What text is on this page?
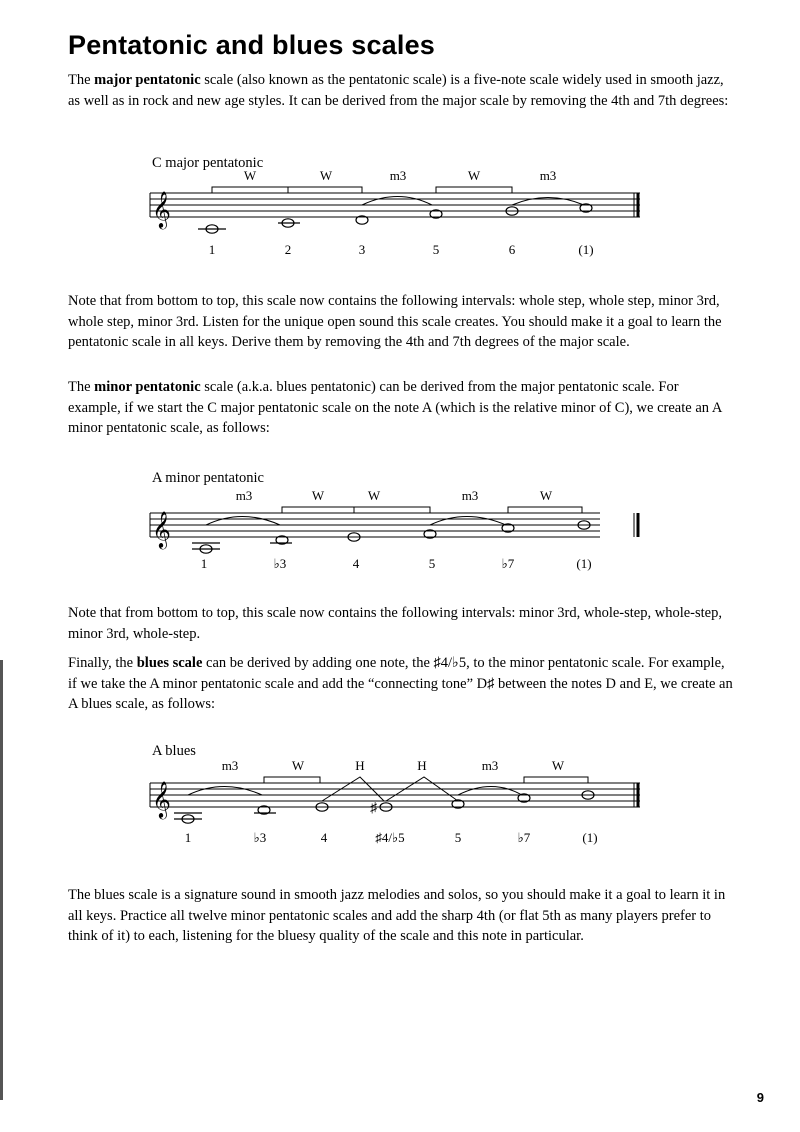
Pentatonic and blues scales

The major pentatonic scale (also known as the pentatonic scale) is a five-note scale widely used in smooth jazz, as well as in rock and new age styles. It can be derived from the major scale by removing the 4th and 7th degrees:

C major pentatonic
𝄞
W	W	m3	W	m3
1	2	3	5	6	(1)

Note that from bottom to top, this scale now contains the following intervals: whole step, whole step, minor 3rd, whole step, minor 3rd. Listen for the unique open sound this scale creates. You should make it a goal to learn the pentatonic scale in all keys. Derive them by removing the 4th and 7th degrees of the major scale.

The minor pentatonic scale (a.k.a. blues pentatonic) can be derived from the major pentatonic scale. For example, if we start the C major pentatonic scale on the note A (which is the relative minor of C), we create an A minor pentatonic scale, as follows:

A minor pentatonic
𝄞
m3	W	W	m3	W
1	♭3	4	5	♭7	(1)

Note that from bottom to top, this scale now contains the following intervals: minor 3rd, whole-step, whole-step, minor 3rd, whole-step.

Finally, the blues scale can be derived by adding one note, the ♯4/♭5, to the minor pentatonic scale. For example, if we take the A minor pentatonic scale and add the “connecting tone” D♯ between the notes D and E, we create an A blues scale, as follows:

A blues
𝄞	♯
m3	W	H	H	m3	W
1	♭3	4	♯4/♭5	5	♭7	(1)

The blues scale is a signature sound in smooth jazz melodies and solos, so you should make it a goal to learn it in all keys. Practice all twelve minor pentatonic scales and add the sharp 4th (or flat 5th as many players prefer to think of it) to each, listening for the bluesy quality of the scale and this note in particular.

9
